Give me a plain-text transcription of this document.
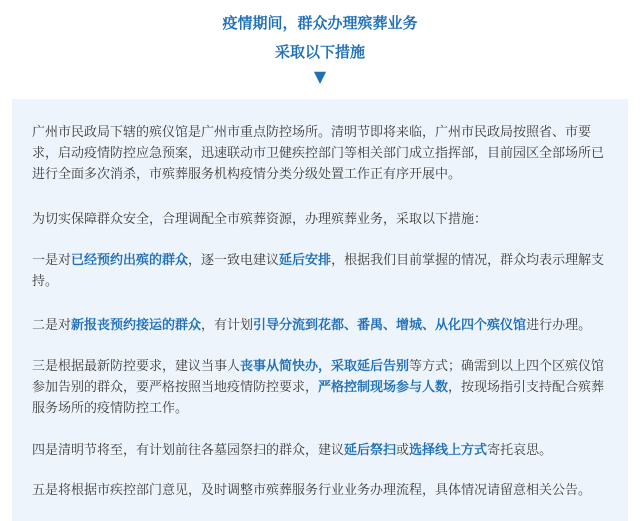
疫情期间，群众办理殡葬业务
采取以下措施
▼

广州市民政局下辖的殡仪馆是广州市重点防控场所。清明节即将来临，广州市民政局按照省、市要求，启动疫情防控应急预案，迅速联动市卫健疾控部门等相关部门成立指挥部，目前园区全部场所已进行全面多次消杀，市殡葬服务机构疫情分类分级处置工作正有序开展中。

为切实保障群众安全，合理调配全市殡葬资源，办理殡葬业务，采取以下措施：

一是对已经预约出殡的群众，逐一致电建议延后安排，根据我们目前掌握的情况，群众均表示理解支持。

二是对新报丧预约接运的群众，有计划引导分流到花都、番禺、增城、从化四个殡仪馆进行办理。

三是根据最新防控要求，建议当事人丧事从简快办，采取延后告别等方式；确需到以上四个区殡仪馆参加告别的群众，要严格按照当地疫情防控要求，严格控制现场参与人数，按现场指引支持配合殡葬服务场所的疫情防控工作。

四是清明节将至，有计划前往各墓园祭扫的群众，建议延后祭扫或选择线上方式寄托哀思。

五是将根据市疾控部门意见，及时调整市殡葬服务行业业务办理流程，具体情况请留意相关公告。
